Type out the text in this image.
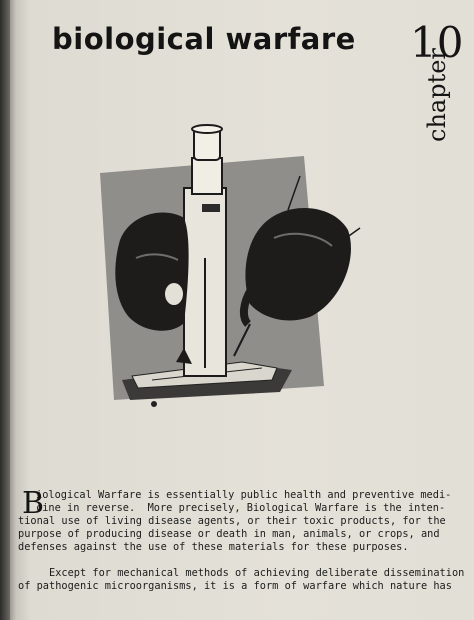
biological warfare 10
chapter
B
iological Warfare is essentially public health and preventive medi-
cine in reverse.  More precisely, Biological Warfare is the inten-
tional use of living disease agents, or their toxic products, for the
purpose of producing disease or death in man, animals, or crops, and
defenses against the use of these materials for these purposes.
Except for mechanical methods of achieving deliberate dissemination
of pathogenic microorganisms, it is a form of warfare which nature has
